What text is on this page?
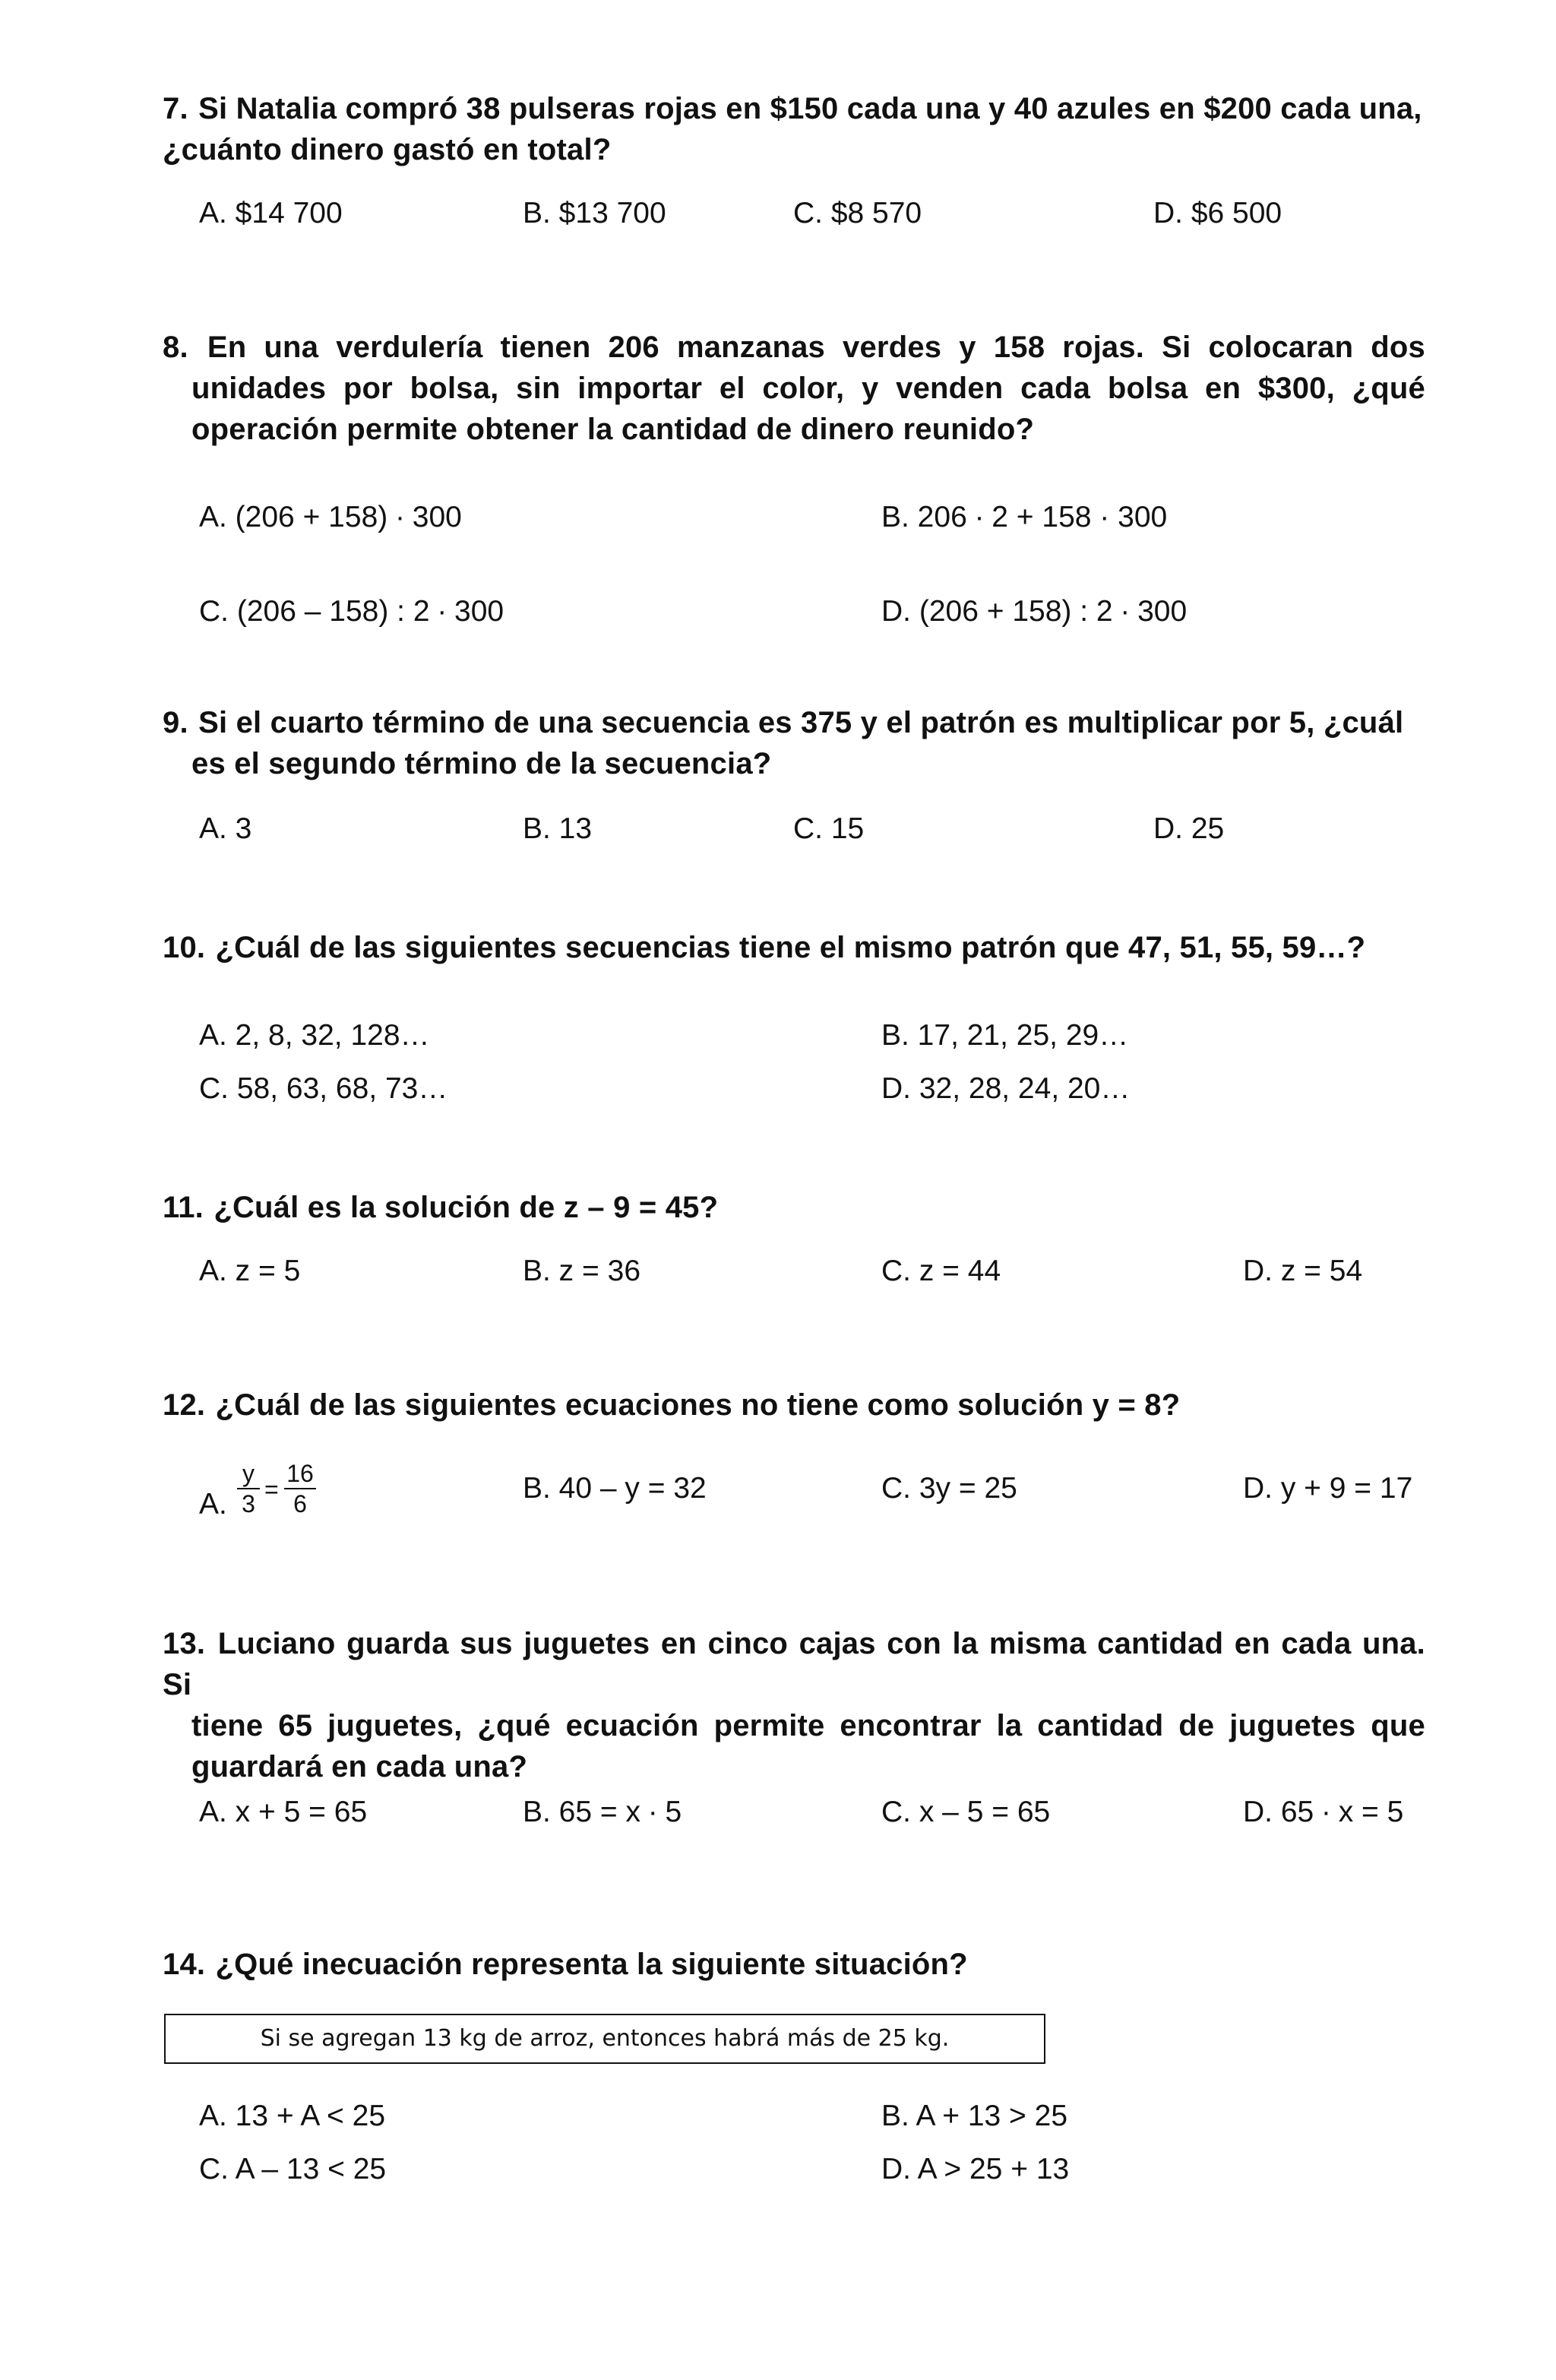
7. Si Natalia compró 38 pulseras rojas en $150 cada una y 40 azules en $200 cada una,
¿cuánto dinero gastó en total?
A. $14 700	B. $13 700	C. $8 570	D. $6 500
8. En una verdulería tienen 206 manzanas verdes y 158 rojas. Si colocaran dos
unidades por bolsa, sin importar el color, y venden cada bolsa en $300, ¿qué
operación permite obtener la cantidad de dinero reunido?
A. (206 + 158) ∙ 300	B. 206 ∙ 2 + 158 · 300
C. (206 – 158) : 2 ∙ 300	D. (206 + 158) : 2 ∙ 300
9. Si el cuarto término de una secuencia es 375 y el patrón es multiplicar por 5, ¿cuál
es el segundo término de la secuencia?
A. 3	B. 13	C. 15	D. 25
10. ¿Cuál de las siguientes secuencias tiene el mismo patrón que 47, 51, 55, 59…?
A. 2, 8, 32, 128…	B. 17, 21, 25, 29…
C. 58, 63, 68, 73…	D. 32, 28, 24, 20…
11. ¿Cuál es la solución de z – 9 = 45?
A. z = 5	B. z = 36	C. z = 44	D. z = 54
12. ¿Cuál de las siguientes ecuaciones no tiene como solución y = 8?
A.
y
3
=
16
6	B. 40 – y = 32	C. 3y = 25	D. y + 9 = 17
13. Luciano guarda sus juguetes en cinco cajas con la misma cantidad en cada una. Si
tiene 65 juguetes, ¿qué ecuación permite encontrar la cantidad de juguetes que
guardará en cada una?
A. x + 5 = 65	B. 65 = x ∙ 5	C. x – 5 = 65	D. 65 ∙ x = 5
14. ¿Qué inecuación representa la siguiente situación?
Si se agregan 13 kg de arroz, entonces habrá más de 25 kg.
A. 13 + A < 25	B. A + 13 > 25
C. A – 13 < 25	D. A > 25 + 13
